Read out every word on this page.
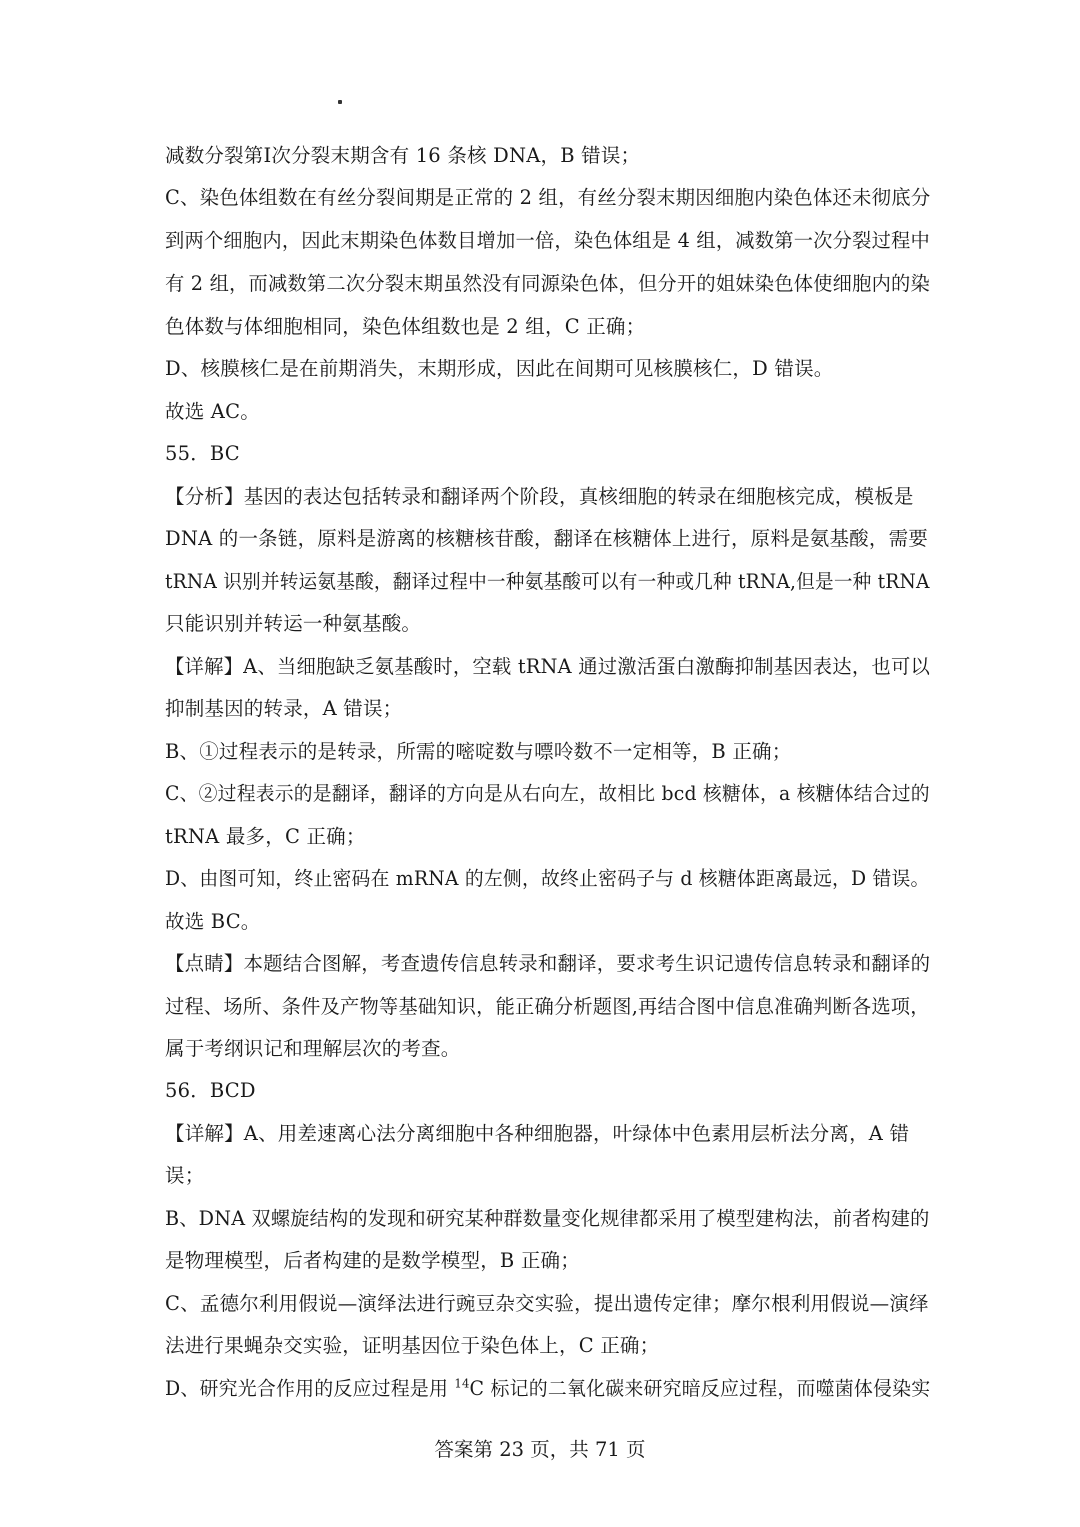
减数分裂第Ⅰ次分裂末期含有 16 条核 DNA，B 错误；
C、染色体组数在有丝分裂间期是正常的 2 组，有丝分裂末期因细胞内染色体还未彻底分
到两个细胞内，因此末期染色体数目增加一倍，染色体组是 4 组，减数第一次分裂过程中
有 2 组，而减数第二次分裂末期虽然没有同源染色体，但分开的姐妹染色体使细胞内的染
色体数与体细胞相同，染色体组数也是 2 组，C 正确；
D、核膜核仁是在前期消失，末期形成，因此在间期可见核膜核仁，D 错误。
故选 AC。
55．BC
【分析】基因的表达包括转录和翻译两个阶段，真核细胞的转录在细胞核完成，模板是
DNA 的一条链，原料是游离的核糖核苷酸，翻译在核糖体上进行，原料是氨基酸，需要
tRNA 识别并转运氨基酸，翻译过程中一种氨基酸可以有一种或几种 tRNA,但是一种 tRNA
只能识别并转运一种氨基酸。
【详解】A、当细胞缺乏氨基酸时，空载 tRNA 通过激活蛋白激酶抑制基因表达，也可以
抑制基因的转录，A 错误；
B、①过程表示的是转录，所需的嘧啶数与嘌呤数不一定相等，B 正确；
C、②过程表示的是翻译，翻译的方向是从右向左，故相比 bcd 核糖体，a 核糖体结合过的
tRNA 最多，C 正确；
D、由图可知，终止密码在 mRNA 的左侧，故终止密码子与 d 核糖体距离最远，D 错误。
故选 BC。
【点睛】本题结合图解，考查遗传信息转录和翻译，要求考生识记遗传信息转录和翻译的
过程、场所、条件及产物等基础知识，能正确分析题图,再结合图中信息准确判断各选项，
属于考纲识记和理解层次的考查。
56．BCD
【详解】A、用差速离心法分离细胞中各种细胞器，叶绿体中色素用层析法分离，A 错
误；
B、DNA 双螺旋结构的发现和研究某种群数量变化规律都采用了模型建构法，前者构建的
是物理模型，后者构建的是数学模型，B 正确；
C、孟德尔利用假说—演绎法进行豌豆杂交实验，提出遗传定律；摩尔根利用假说—演绎
法进行果蝇杂交实验，证明基因位于染色体上，C 正确；
D、研究光合作用的反应过程是用 $^{14}$C 标记的二氧化碳来研究暗反应过程，而噬菌体侵染实
答案第 23 页，共 71 页
